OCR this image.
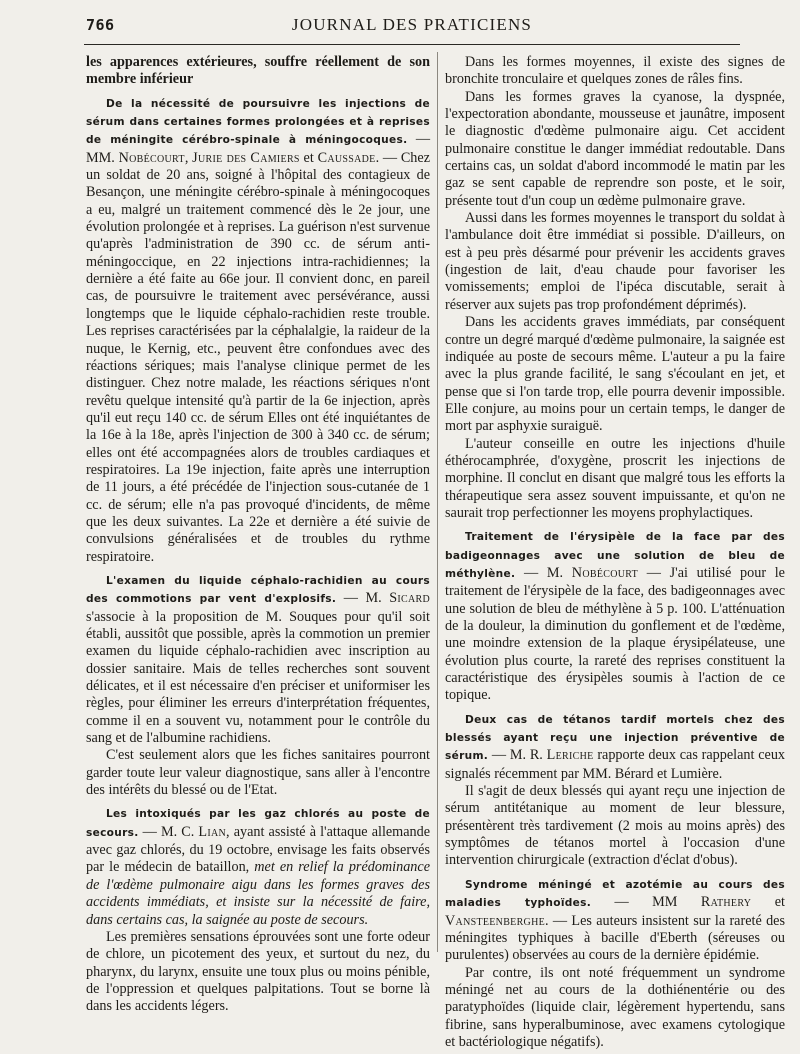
766	JOURNAL DES PRATICIENS

les apparences extérieures, souffre réellement de son membre inférieur

De la nécessité de poursuivre les injections de sérum dans certaines formes prolongées et à reprises de méningite cérébro-spinale à méningocoques. — MM. Nobécourt, Jurie des Camiers et Caussade. — Chez un soldat de 20 ans, soigné à l'hôpital des contagieux de Besançon, une méningite cérébro-spinale à méningocoques a eu, malgré un traitement commencé dès le 2e jour, une évolution prolongée et à reprises. La guérison n'est survenue qu'après l'administration de 390 cc. de sérum anti-méningoccique, en 22 injections intra-rachidiennes; la dernière a été faite au 66e jour. Il convient donc, en pareil cas, de poursuivre le traitement avec persévérance, aussi longtemps que le liquide céphalo-rachidien reste trouble. Les reprises caractérisées par la céphalalgie, la raideur de la nuque, le Kernig, etc., peuvent être confondues avec des réactions sériques; mais l'analyse clinique permet de les distinguer. Chez notre malade, les réactions sériques n'ont revêtu quelque intensité qu'à partir de la 6e injection, après qu'il eut reçu 140 cc. de sérum Elles ont été inquiétantes de la 16e à la 18e, après l'injection de 300 à 340 cc. de sérum; elles ont été accompagnées alors de troubles cardiaques et respiratoires. La 19e injection, faite après une interruption de 11 jours, a été précédée de l'injection sous-cutanée de 1 cc. de sérum; elle n'a pas provoqué d'incidents, de même que les deux suivantes. La 22e et dernière a été suivie de convulsions généralisées et de troubles du rythme respiratoire.

L'examen du liquide céphalo-rachidien au cours des commotions par vent d'explosifs. — M. Sicard s'associe à la proposition de M. Souques pour qu'il soit établi, aussitôt que possible, après la commotion un premier examen du liquide céphalo-rachidien avec inscription au dossier sanitaire. Mais de telles recherches sont souvent délicates, et il est nécessaire d'en préciser et uniformiser les règles, pour éliminer les erreurs d'interprétation fréquentes, comme il en a souvent vu, notamment pour le contrôle du sang et de l'albumine rachidiens.

C'est seulement alors que les fiches sanitaires pourront garder toute leur valeur diagnostique, sans aller à l'encontre des intérêts du blessé ou de l'Etat.

Les intoxiqués par les gaz chlorés au poste de secours. — M. C. Lian, ayant assisté à l'attaque allemande avec gaz chlorés, du 19 octobre, envisage les faits observés par le médecin de bataillon, met en relief la prédominance de l'œdème pulmonaire aigu dans les formes graves des accidents immédiats, et insiste sur la nécessité de faire, dans certains cas, la saignée au poste de secours.

Les premières sensations éprouvées sont une forte odeur de chlore, un picotement des yeux, et surtout du nez, du pharynx, du larynx, ensuite une toux plus ou moins pénible, de l'oppression et quelques palpitations. Tout se borne là dans les accidents légers.

Dans les formes moyennes, il existe des signes de bronchite tronculaire et quelques zones de râles fins.

Dans les formes graves la cyanose, la dyspnée, l'expectoration abondante, mousseuse et jaunâtre, imposent le diagnostic d'œdème pulmonaire aigu. Cet accident pulmonaire constitue le danger immédiat redoutable. Dans certains cas, un soldat d'abord incommodé le matin par les gaz se sent capable de reprendre son poste, et le soir, présente tout d'un coup un œdème pulmonaire grave.

Aussi dans les formes moyennes le transport du soldat à l'ambulance doit être immédiat si possible. D'ailleurs, on est à peu près désarmé pour prévenir les accidents graves (ingestion de lait, d'eau chaude pour favoriser les vomissements; emploi de l'ipéca discutable, serait à réserver aux sujets pas trop profondément déprimés).

Dans les accidents graves immédiats, par conséquent contre un degré marqué d'œdème pulmonaire, la saignée est indiquée au poste de secours même. L'auteur a pu la faire avec la plus grande facilité, le sang s'écoulant en jet, et pense que si l'on tarde trop, elle pourra devenir impossible. Elle conjure, au moins pour un certain temps, le danger de mort par asphyxie suraiguë.

L'auteur conseille en outre les injections d'huile éthérocamphrée, d'oxygène, proscrit les injections de morphine. Il conclut en disant que malgré tous les efforts la thérapeutique sera assez souvent impuissante, et qu'on ne saurait trop perfectionner les moyens prophylactiques.

Traitement de l'érysipèle de la face par des badigeonnages avec une solution de bleu de méthylène. — M. Nobécourt — J'ai utilisé pour le traitement de l'érysipèle de la face, des badigeonnages avec une solution de bleu de méthylène à 5 p. 100. L'atténuation de la douleur, la diminution du gonflement et de l'œdème, une moindre extension de la plaque érysipélateuse, une évolution plus courte, la rareté des reprises constituent la caractéristique des érysipèles soumis à l'action de ce topique.

Deux cas de tétanos tardif mortels chez des blessés ayant reçu une injection préventive de sérum. — M. R. Leriche rapporte deux cas rappelant ceux signalés récemment par MM. Bérard et Lumière.

Il s'agit de deux blessés qui ayant reçu une injection de sérum antitétanique au moment de leur blessure, présentèrent très tardivement (2 mois au moins après) des symptômes de tétanos mortel à l'occasion d'une intervention chirurgicale (extraction d'éclat d'obus).

Syndrome méningé et azotémie au cours des maladies typhoïdes. — MM Rathery et Vansteenberghe. — Les auteurs insistent sur la rareté des méningites typhiques à bacille d'Eberth (séreuses ou purulentes) observées au cours de la dernière épidémie.

Par contre, ils ont noté fréquemment un syndrome méningé net au cours de la dothiénentérie ou des paratyphoïdes (liquide clair, légèrement hypertendu, sans fibrine, sans hyperalbuminose, avec examens cytologique et bactériologique négatifs).
